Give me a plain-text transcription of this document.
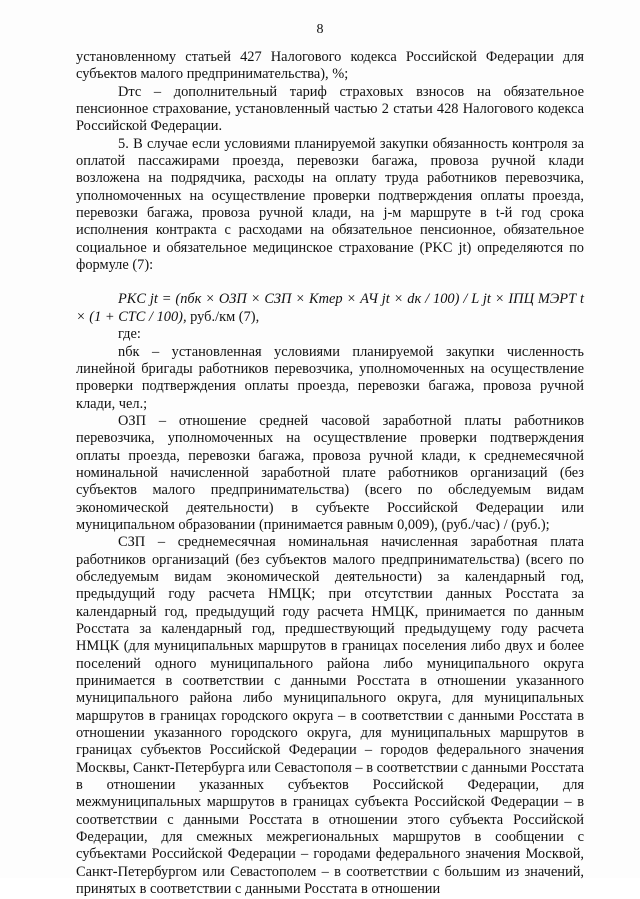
8

установленному статьей 427 Налогового кодекса Российской Федерации для субъектов малого предпринимательства), %;

Dтс – дополнительный тариф страховых взносов на обязательное пенсионное страхование, установленный частью 2 статьи 428 Налогового кодекса Российской Федерации.

5. В случае если условиями планируемой закупки обязанность контроля за оплатой пассажирами проезда, перевозки багажа, провоза ручной клади возложена на подрядчика, расходы на оплату труда работников перевозчика, уполномоченных на осуществление проверки подтверждения оплаты проезда, перевозки багажа, провоза ручной клади, на j-м маршруте в t-й год срока исполнения контракта с расходами на обязательное пенсионное, обязательное социальное и обязательное медицинское страхование (PKC jt) определяются по формуле (7):

PKC jt = (nбк × ОЗП × СЗП × Kтер × АЧ jt × dк / 100) / L jt × IПЦ МЭРТ t × (1 + СТС / 100), руб./км (7),

где:

nбк – установленная условиями планируемой закупки численность линейной бригады работников перевозчика, уполномоченных на осуществление проверки подтверждения оплаты проезда, перевозки багажа, провоза ручной клади, чел.;

ОЗП – отношение средней часовой заработной платы работников перевозчика, уполномоченных на осуществление проверки подтверждения оплаты проезда, перевозки багажа, провоза ручной клади, к среднемесячной номинальной начисленной заработной плате работников организаций (без субъектов малого предпринимательства) (всего по обследуемым видам экономической деятельности) в субъекте Российской Федерации или муниципальном образовании (принимается равным 0,009), (руб./час) / (руб.);

СЗП – среднемесячная номинальная начисленная заработная плата работников организаций (без субъектов малого предпринимательства) (всего по обследуемым видам экономической деятельности) за календарный год, предыдущий году расчета НМЦК; при отсутствии данных Росстата за календарный год, предыдущий году расчета НМЦК, принимается по данным Росстата за календарный год, предшествующий предыдущему году расчета НМЦК (для муниципальных маршрутов в границах поселения либо двух и более поселений одного муниципального района либо муниципального округа принимается в соответствии с данными Росстата в отношении указанного муниципального района либо муниципального округа, для муниципальных маршрутов в границах городского округа – в соответствии с данными Росстата в отношении указанного городского округа, для муниципальных маршрутов в границах субъектов Российской Федерации – городов федерального значения Москвы, Санкт-Петербурга или Севастополя – в соответствии с данными Росстата в отношении указанных субъектов Российской Федерации, для межмуниципальных маршрутов в границах субъекта Российской Федерации – в соответствии с данными Росстата в отношении этого субъекта Российской Федерации, для смежных межрегиональных маршрутов в сообщении с субъектами Российской Федерации – городами федерального значения Москвой, Санкт-Петербургом или Севастополем – в соответствии с большим из значений, принятых в соответствии с данными Росстата в отношении
